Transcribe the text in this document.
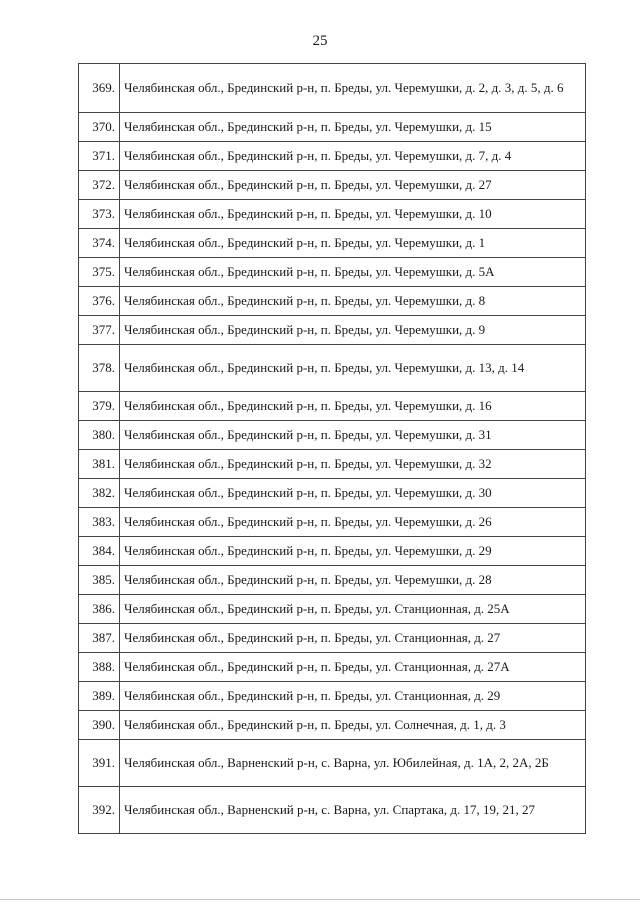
25
369.	Челябинская обл., Брединский р-н, п. Бреды, ул. Черемушки, д. 2, д. 3, д. 5, д. 6
370.	Челябинская обл., Брединский р-н, п. Бреды, ул. Черемушки, д. 15
371.	Челябинская обл., Брединский р-н, п. Бреды, ул. Черемушки, д. 7, д. 4
372.	Челябинская обл., Брединский р-н, п. Бреды, ул. Черемушки, д. 27
373.	Челябинская обл., Брединский р-н, п. Бреды, ул. Черемушки, д. 10
374.	Челябинская обл., Брединский р-н, п. Бреды, ул. Черемушки, д. 1
375.	Челябинская обл., Брединский р-н, п. Бреды, ул. Черемушки, д. 5А
376.	Челябинская обл., Брединский р-н, п. Бреды, ул. Черемушки, д. 8
377.	Челябинская обл., Брединский р-н, п. Бреды, ул. Черемушки, д. 9
378.	Челябинская обл., Брединский р-н, п. Бреды, ул. Черемушки, д. 13, д. 14
379.	Челябинская обл., Брединский р-н, п. Бреды, ул. Черемушки, д. 16
380.	Челябинская обл., Брединский р-н, п. Бреды, ул. Черемушки, д. 31
381.	Челябинская обл., Брединский р-н, п. Бреды, ул. Черемушки, д. 32
382.	Челябинская обл., Брединский р-н, п. Бреды, ул. Черемушки, д. 30
383.	Челябинская обл., Брединский р-н, п. Бреды, ул. Черемушки, д. 26
384.	Челябинская обл., Брединский р-н, п. Бреды, ул. Черемушки, д. 29
385.	Челябинская обл., Брединский р-н, п. Бреды, ул. Черемушки, д. 28
386.	Челябинская обл., Брединский р-н, п. Бреды, ул. Станционная, д. 25А
387.	Челябинская обл., Брединский р-н, п. Бреды, ул. Станционная, д. 27
388.	Челябинская обл., Брединский р-н, п. Бреды, ул. Станционная, д. 27А
389.	Челябинская обл., Брединский р-н, п. Бреды, ул. Станционная, д. 29
390.	Челябинская обл., Брединский р-н, п. Бреды, ул. Солнечная, д. 1, д. 3
391.	Челябинская обл., Варненский р-н, с. Варна, ул. Юбилейная, д. 1А, 2, 2А, 2Б
392.	Челябинская обл., Варненский р-н, с. Варна, ул. Спартака, д. 17, 19, 21, 27
